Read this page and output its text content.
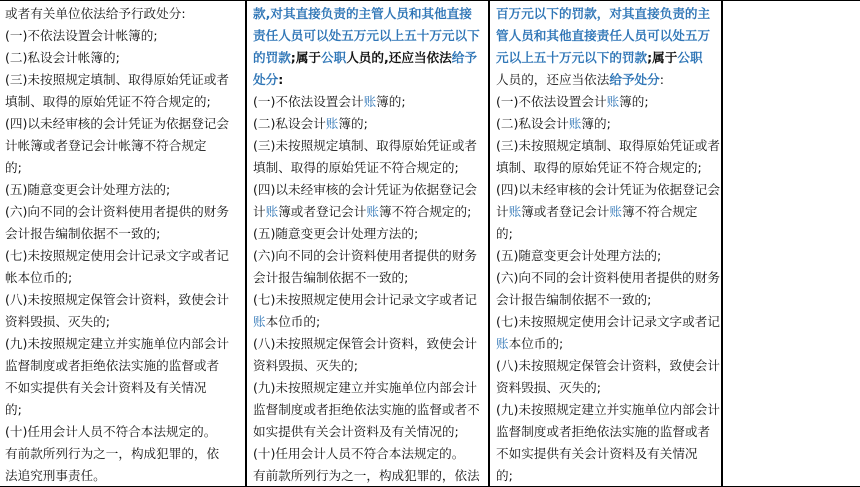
或者有关单位依法给予行政处分:
(一)不依法设置会计帐簿的;
(二)私设会计帐簿的;
(三)未按照规定填制、取得原始凭证或者
填制、取得的原始凭证不符合规定的;
(四)以未经审核的会计凭证为依据登记会
计帐簿或者登记会计帐簿不符合规定
的;
(五)随意变更会计处理方法的;
(六)向不同的会计资料使用者提供的财务
会计报告编制依据不一致的;
(七)未按照规定使用会计记录文字或者记
帐本位币的;
(八)未按照规定保管会计资料，致使会计
资料毁损、灭失的;
(九)未按照规定建立并实施单位内部会计
监督制度或者拒绝依法实施的监督或者
不如实提供有关会计资料及有关情况
的;
(十)任用会计人员不符合本法规定的。
有前款所列行为之一，构成犯罪的，依
法追究刑事责任。
款,对其直接负责的主管人员和其他直接
责任人员可以处五万元以上五十万元以下
的罚款;属于公职人员的,还应当依法给予
处分:
(一)不依法设置会计账簿的;
(二)私设会计账簿的;
(三)未按照规定填制、取得原始凭证或者
填制、取得的原始凭证不符合规定的;
(四)以未经审核的会计凭证为依据登记会
计账簿或者登记会计账簿不符合规定的;
(五)随意变更会计处理方法的;
(六)向不同的会计资料使用者提供的财务
会计报告编制依据不一致的;
(七)未按照规定使用会计记录文字或者记
账本位币的;
(八)未按照规定保管会计资料，致使会计
资料毁损、灭失的;
(九)未按照规定建立并实施单位内部会计
监督制度或者拒绝依法实施的监督或者不
如实提供有关会计资料及有关情况的;
(十)任用会计人员不符合本法规定的。
有前款所列行为之一，构成犯罪的，依法
百万元以下的罚款，对其直接负责的主
管人员和其他直接责任人员可以处五万
元以上五十万元以下的罚款;属于公职
人员的，还应当依法给予处分:
(一)不依法设置会计账簿的;
(二)私设会计账簿的;
(三)未按照规定填制、取得原始凭证或者
填制、取得的原始凭证不符合规定的;
(四)以未经审核的会计凭证为依据登记会
计账簿或者登记会计账簿不符合规定
的;
(五)随意变更会计处理方法的;
(六)向不同的会计资料使用者提供的财务
会计报告编制依据不一致的;
(七)未按照规定使用会计记录文字或者记
账本位币的;
(八)未按照规定保管会计资料，致使会计
资料毁损、灭失的;
(九)未按照规定建立并实施单位内部会计
监督制度或者拒绝依法实施的监督或者
不如实提供有关会计资料及有关情况
的;
